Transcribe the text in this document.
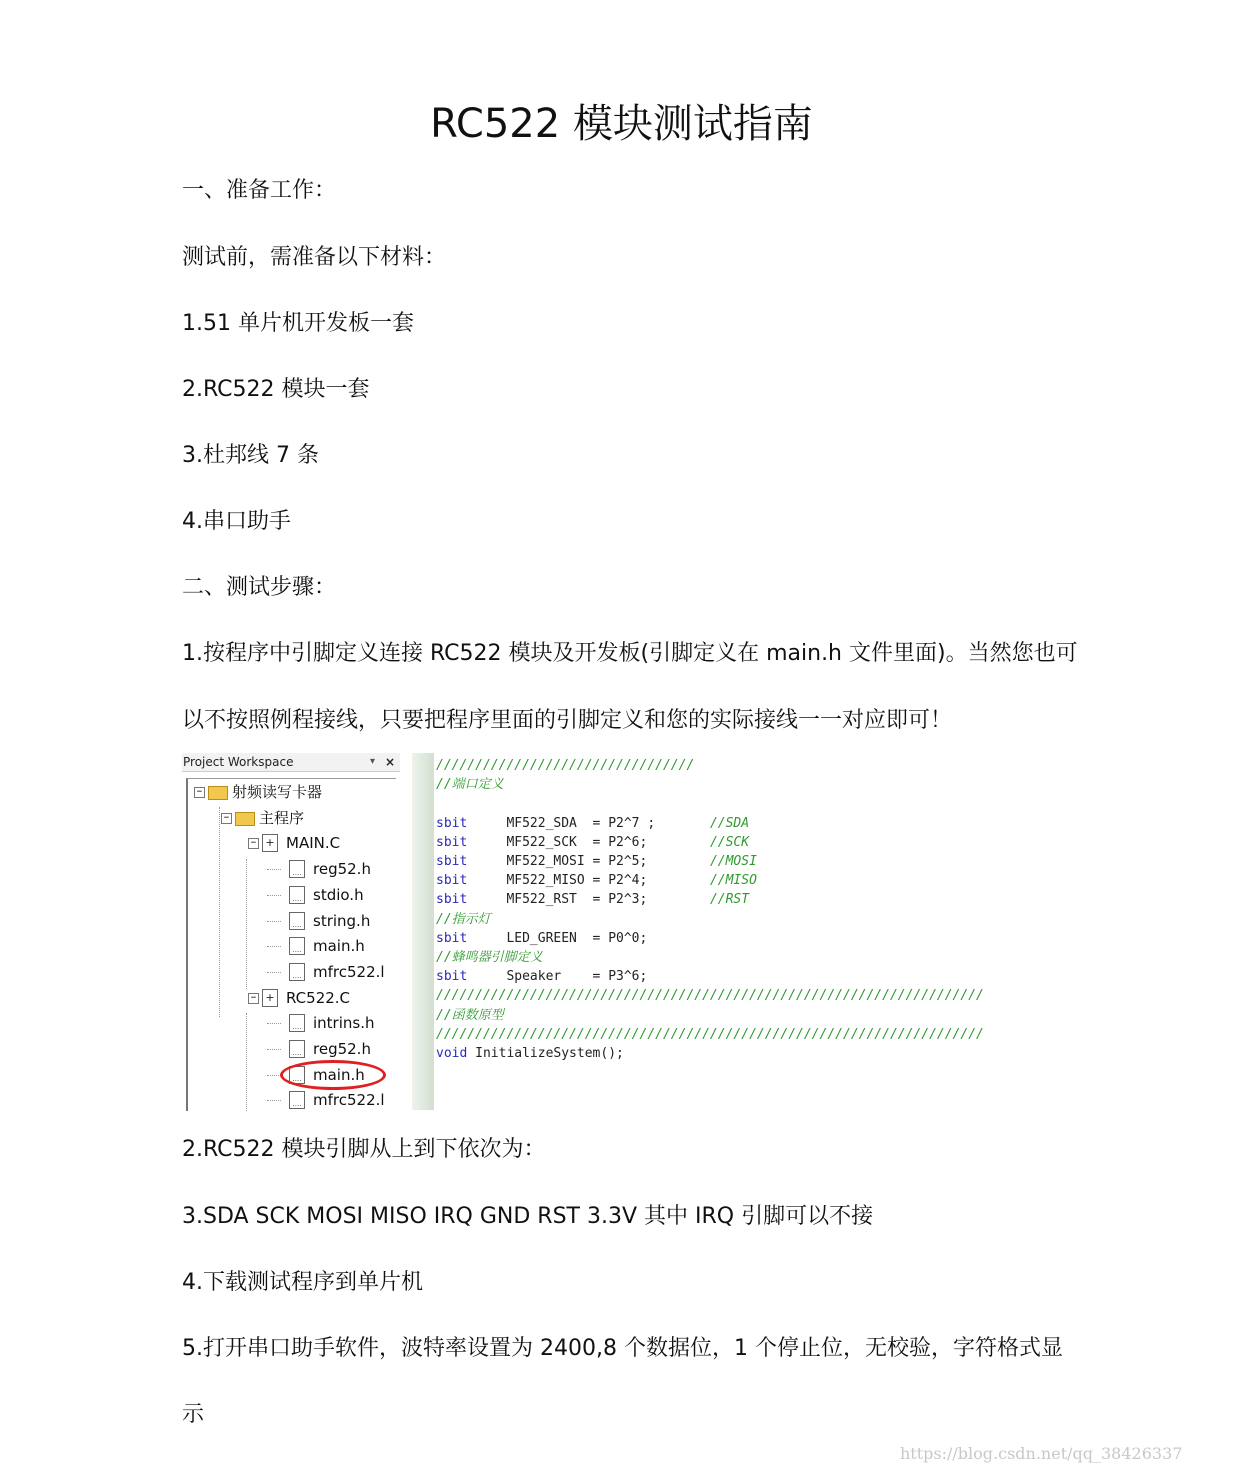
RC522 模块测试指南
一、准备工作：
测试前，需准备以下材料：
1.51 单片机开发板一套
2.RC522 模块一套
3.杜邦线 7 条
4.串口助手
二、测试步骤：
1.按程序中引脚定义连接 RC522 模块及开发板(引脚定义在 main.h 文件里面)。当然您也可
以不按照例程接线，只要把程序里面的引脚定义和您的实际接线一一对应即可！
Project Workspace	▾ ×
− 射频读写卡器
− 主程序
− + MAIN.C
.... reg52.h
.... stdio.h
.... string.h
.... main.h
.... mfrc522.l
− + RC522.C
.... intrins.h
.... reg52.h
.... main.h
.... mfrc522.l
/////////////////////////////////
//端口定义
sbit     MF522_SDA  = P2^7 ;       //SDA
sbit     MF522_SCK  = P2^6;        //SCK
sbit     MF522_MOSI = P2^5;        //MOSI
sbit     MF522_MISO = P2^4;        //MISO
sbit     MF522_RST  = P2^3;        //RST
//指示灯
sbit     LED_GREEN  = P0^0;
//蜂鸣器引脚定义
sbit     Speaker    = P3^6;
//////////////////////////////////////////////////////////////////////
//函数原型
//////////////////////////////////////////////////////////////////////
void InitializeSystem();
2.RC522 模块引脚从上到下依次为：
3.SDA SCK MOSI MISO IRQ GND RST 3.3V 其中 IRQ 引脚可以不接
4.下载测试程序到单片机
5.打开串口助手软件，波特率设置为 2400,8 个数据位，1 个停止位，无校验，字符格式显
示
https://blog.csdn.net/qq_38426337
